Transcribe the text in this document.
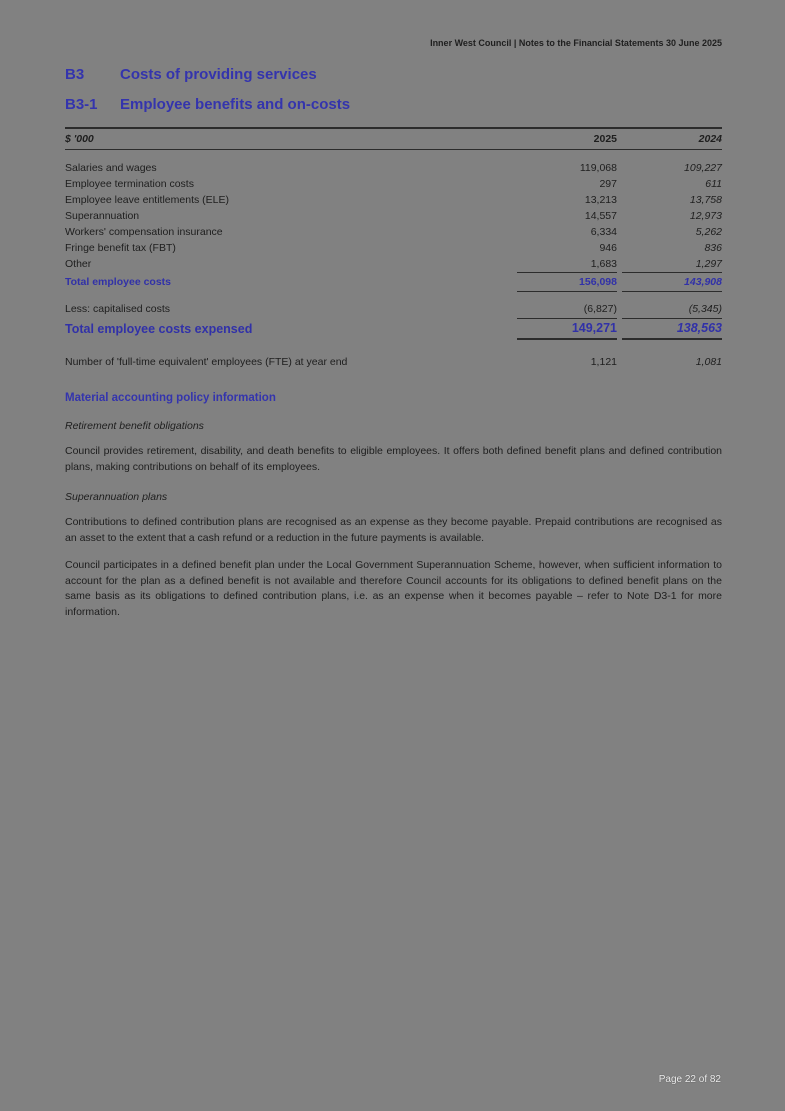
Inner West Council | Notes to the Financial Statements 30 June 2025
B3	Costs of providing services
B3-1	Employee benefits and on-costs
$ '000	2025	2024
Salaries and wages	119,068	109,227
Employee termination costs	297	611
Employee leave entitlements (ELE)	13,213	13,758
Superannuation	14,557	12,973
Workers' compensation insurance	6,334	5,262
Fringe benefit tax (FBT)	946	836
Other	1,683	1,297
Total employee costs	156,098	143,908
Less: capitalised costs	(6,827)	(5,345)
Total employee costs expensed	149,271	138,563
Number of 'full-time equivalent' employees (FTE) at year end	1,121	1,081
Material accounting policy information
Retirement benefit obligations
Council provides retirement, disability, and death benefits to eligible employees. It offers both defined benefit plans and defined contribution plans, making contributions on behalf of its employees.
Superannuation plans
Contributions to defined contribution plans are recognised as an expense as they become payable. Prepaid contributions are recognised as an asset to the extent that a cash refund or a reduction in the future payments is available.
Council participates in a defined benefit plan under the Local Government Superannuation Scheme, however, when sufficient information to account for the plan as a defined benefit is not available and therefore Council accounts for its obligations to defined benefit plans on the same basis as its obligations to defined contribution plans, i.e. as an expense when it becomes payable – refer to Note D3-1 for more information.
Page 22 of 82
